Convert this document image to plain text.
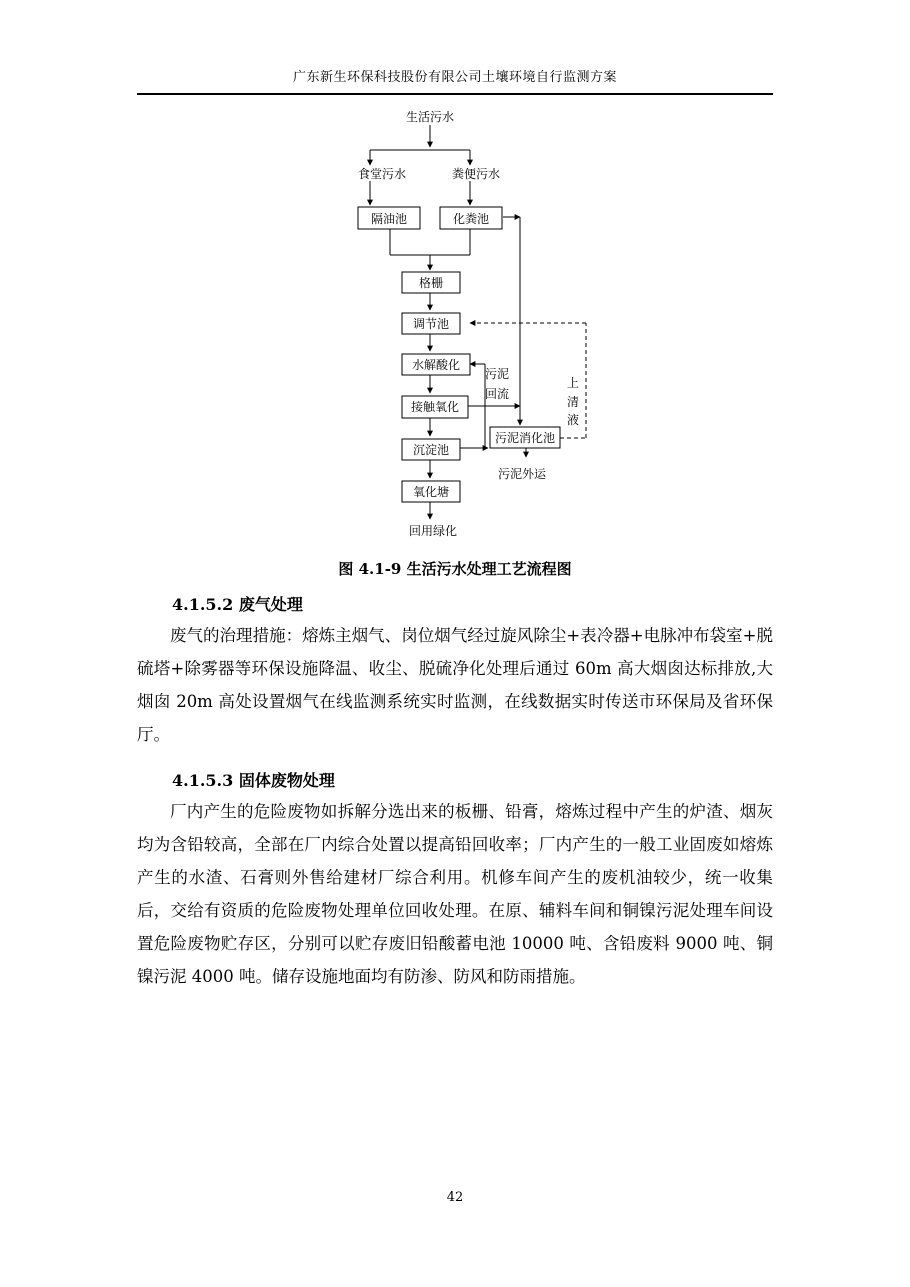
广东新生环保科技股份有限公司土壤环境自行监测方案
生活污水
食堂污水	粪便污水
隔油池	化粪池
格栅
调节池
水解酸化
接触氧化
沉淀池
氧化塘
回用绿化
污泥消化池
污泥外运
污泥
回流
上
清
液
图 4.1-9 生活污水处理工艺流程图
4.1.5.2 废气处理

废气的治理措施：熔炼主烟气、岗位烟气经过旋风除尘+表冷器+电脉冲布袋室+脱硫塔+除雾器等环保设施降温、收尘、脱硫净化处理后通过 60m 高大烟囱达标排放,大烟囱 20m 高处设置烟气在线监测系统实时监测，在线数据实时传送市环保局及省环保厅。

4.1.5.3 固体废物处理

厂内产生的危险废物如拆解分选出来的板栅、铅膏，熔炼过程中产生的炉渣、烟灰均为含铅较高，全部在厂内综合处置以提高铅回收率；厂内产生的一般工业固废如熔炼产生的水渣、石膏则外售给建材厂综合利用。机修车间产生的废机油较少，统一收集后，交给有资质的危险废物处理单位回收处理。在原、辅料车间和铜镍污泥处理车间设置危险废物贮存区，分别可以贮存废旧铅酸蓄电池 10000 吨、含铅废料 9000 吨、铜镍污泥 4000 吨。储存设施地面均有防渗、防风和防雨措施。

42
